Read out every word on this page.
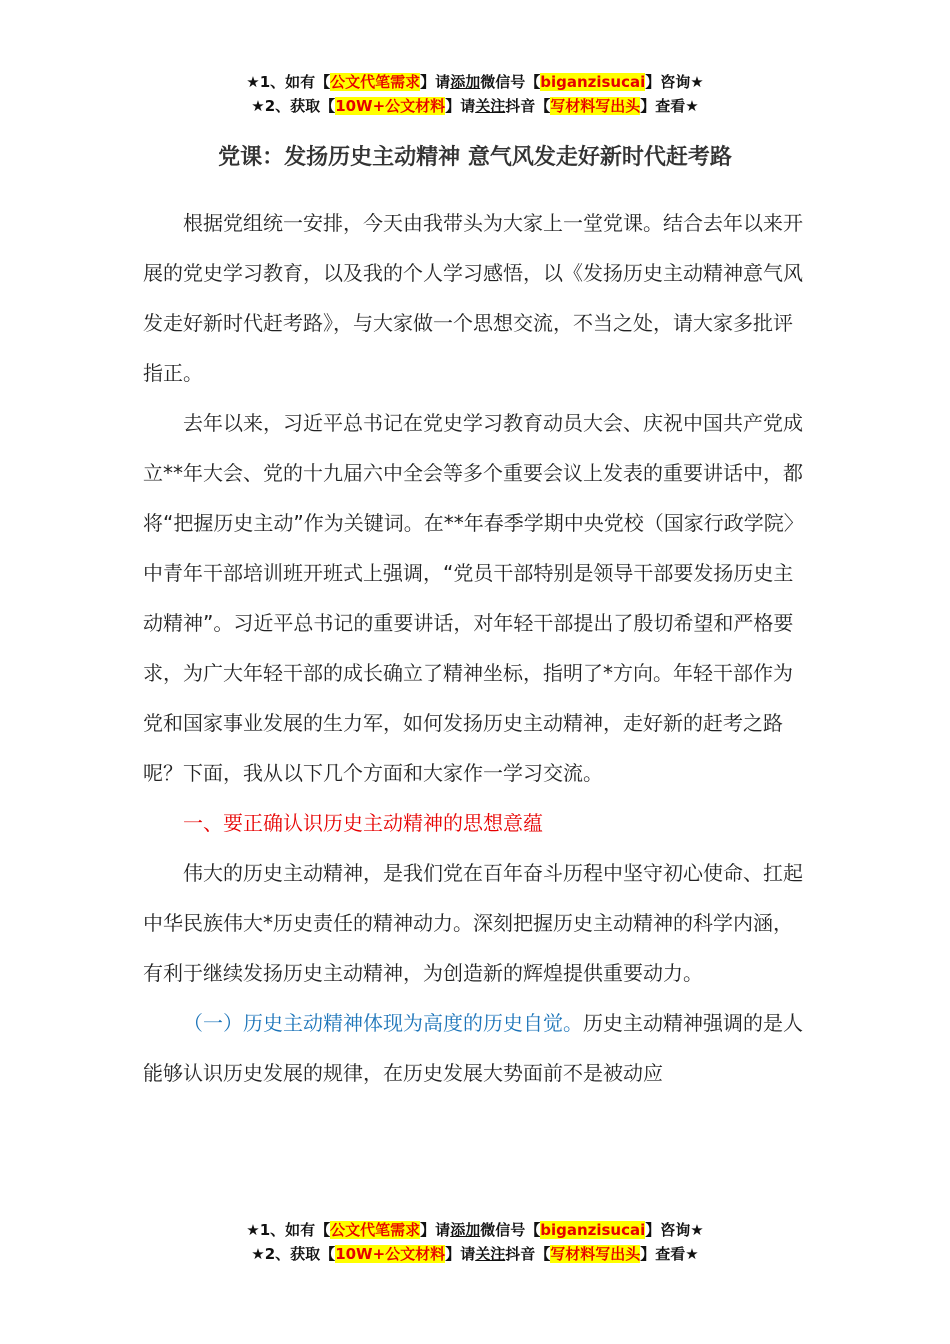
★1、如有【公文代笔需求】请添加微信号【biganzisucai】咨询★
★2、获取【10W+公文材料】请关注抖音【写材料写出头】查看★
党课：发扬历史主动精神 意气风发走好新时代赶考路

根据党组统一安排，今天由我带头为大家上一堂党课。结合去年以来开展的党史学习教育，以及我的个人学习感悟，以《发扬历史主动精神意气风发走好新时代赶考路》，与大家做一个思想交流，不当之处，请大家多批评指正。

去年以来，习近平总书记在党史学习教育动员大会、庆祝中国共产党成立**年大会、党的十九届六中全会等多个重要会议上发表的重要讲话中，都将“把握历史主动”作为关键词。在**年春季学期中央党校（国家行政学院〉中青年干部培训班开班式上强调，“党员干部特别是领导干部要发扬历史主动精神”。习近平总书记的重要讲话，对年轻干部提出了殷切希望和严格要求，为广大年轻干部的成长确立了精神坐标，指明了*方向。年轻干部作为党和国家事业发展的生力军，如何发扬历史主动精神，走好新的赶考之路呢？下面，我从以下几个方面和大家作一学习交流。

一、要正确认识历史主动精神的思想意蕴

伟大的历史主动精神，是我们党在百年奋斗历程中坚守初心使命、扛起中华民族伟大*历史责任的精神动力。深刻把握历史主动精神的科学内涵，有利于继续发扬历史主动精神，为创造新的辉煌提供重要动力。

（一）历史主动精神体现为高度的历史自觉。历史主动精神强调的是人能够认识历史发展的规律，在历史发展大势面前不是被动应

★1、如有【公文代笔需求】请添加微信号【biganzisucai】咨询★
★2、获取【10W+公文材料】请关注抖音【写材料写出头】查看★
